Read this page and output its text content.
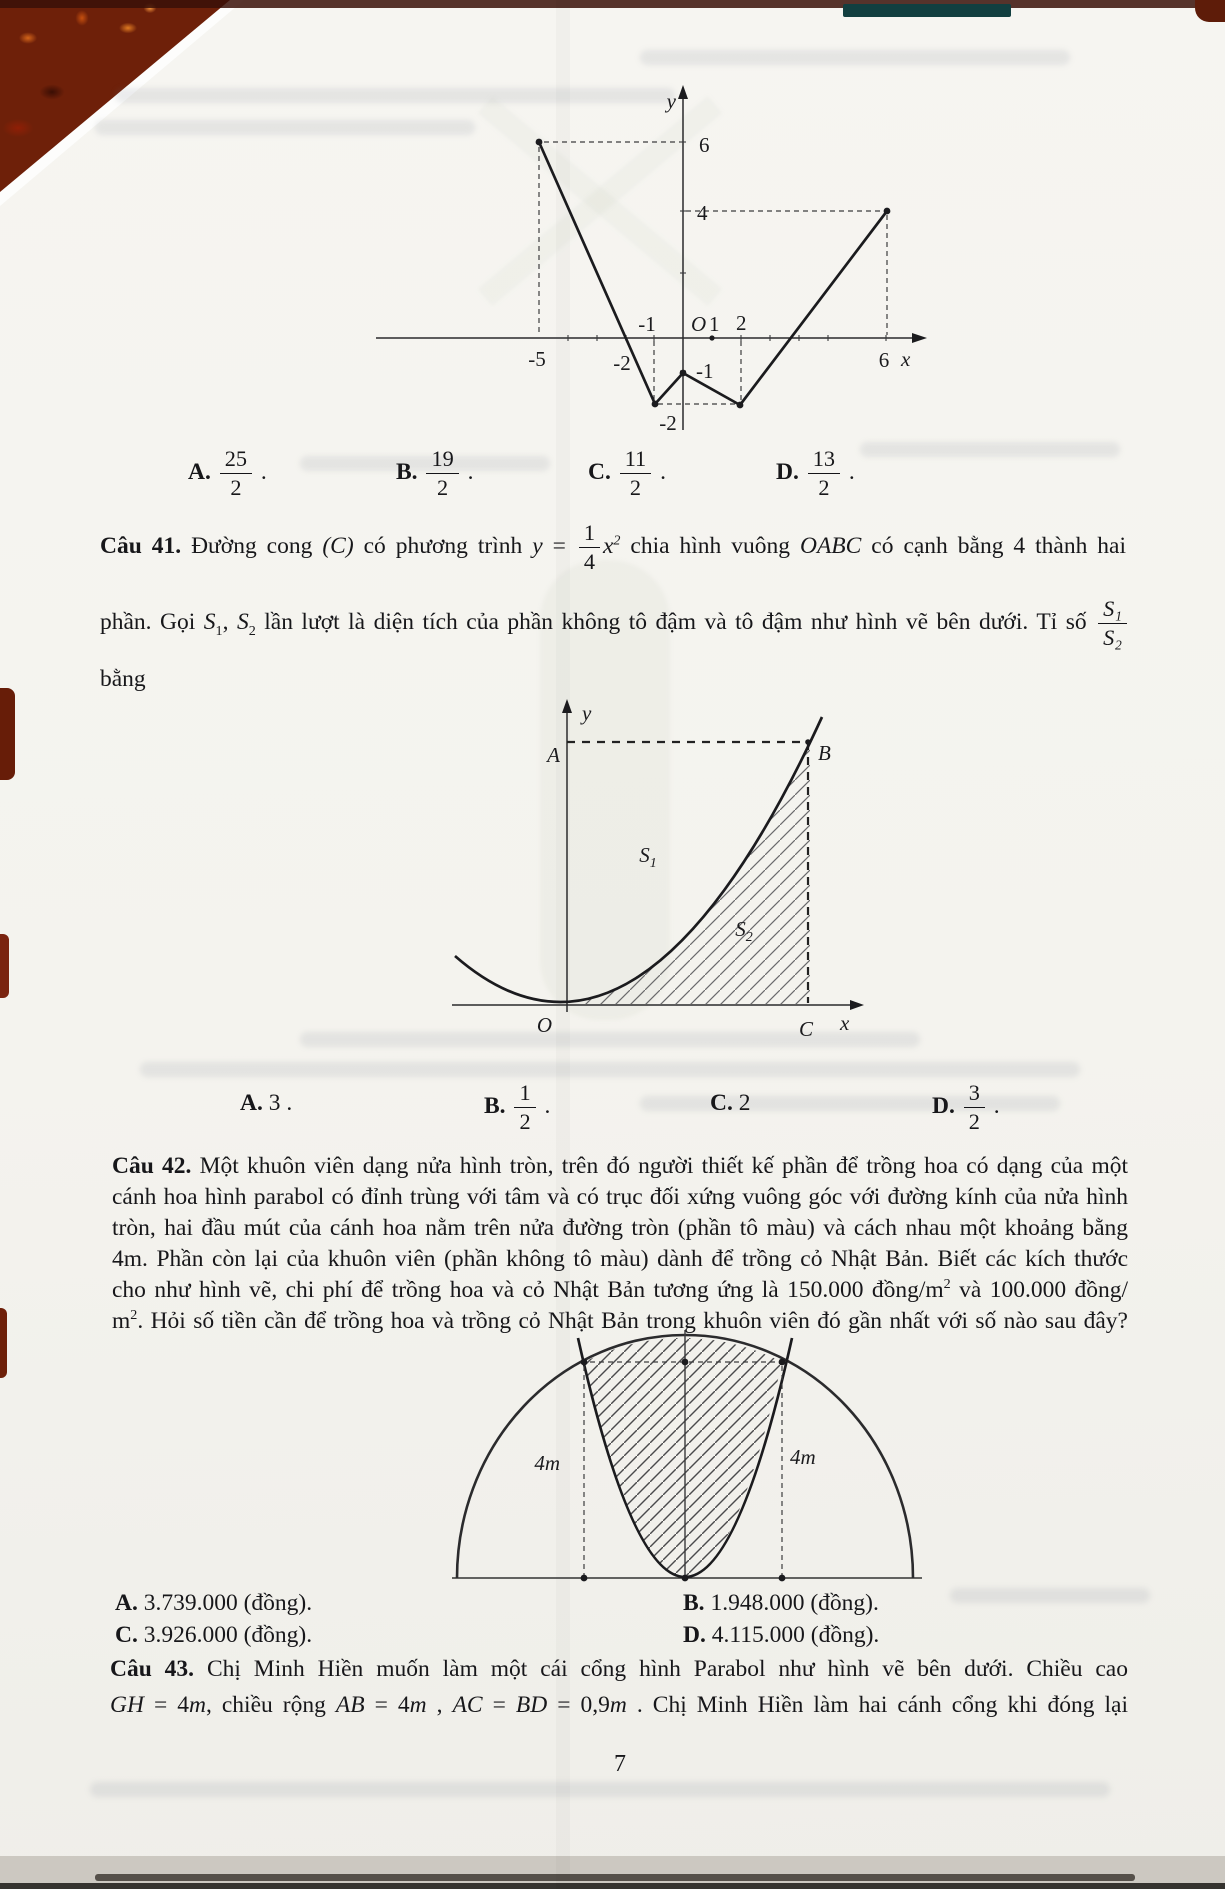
y
6
4
-1 O 1 2
-5	-2	6 x
-1
-2
A. $\frac{25}{2}$ .	B. $\frac{19}{2}$ .	C. $\frac{11}{2}$ .	D. $\frac{13}{2}$ .
Câu 41. Đường cong (C) có phương trình $y = \frac{1}{4} x^2$ chia hình vuông OABC có cạnh bằng 4 thành hai
phần. Gọi $S_1$, $S_2$ lần lượt là diện tích của phần không tô đậm và tô đậm như hình vẽ bên dưới. Tỉ số $\frac{\text{S₁}}{\text{S₂}}$
bằng
y
A	B
$S_1$
$S_2$
O	C x
A. 3 .	B. $\frac{1}{2}$ .	C. 2	D. $\frac{3}{2}$ .
Câu 42. Một khuôn viên dạng nửa hình tròn, trên đó người thiết kế phần để trồng hoa có dạng của một
cánh hoa hình parabol có đỉnh trùng với tâm và có trục đối xứng vuông góc với đường kính của nửa hình
tròn, hai đầu mút của cánh hoa nằm trên nửa đường tròn (phần tô màu) và cách nhau một khoảng bằng
4m. Phần còn lại của khuôn viên (phần không tô màu) dành để trồng cỏ Nhật Bản. Biết các kích thước
cho như hình vẽ, chi phí để trồng hoa và cỏ Nhật Bản tương ứng là 150.000 đồng/$m^2$ và 100.000 đồng/
$m^2$. Hỏi số tiền cần để trồng hoa và trồng cỏ Nhật Bản trong khuôn viên đó gần nhất với số nào sau đây?
4m	4m
A. 3.739.000 (đồng).	B. 1.948.000 (đồng).
C. 3.926.000 (đồng).	D. 4.115.000 (đồng).
Câu 43. Chị Minh Hiền muốn làm một cái cổng hình Parabol như hình vẽ bên dưới. Chiều cao
GH = 4m, chiều rộng AB = 4m , AC = BD = 0,9m . Chị Minh Hiền làm hai cánh cổng khi đóng lại
7
